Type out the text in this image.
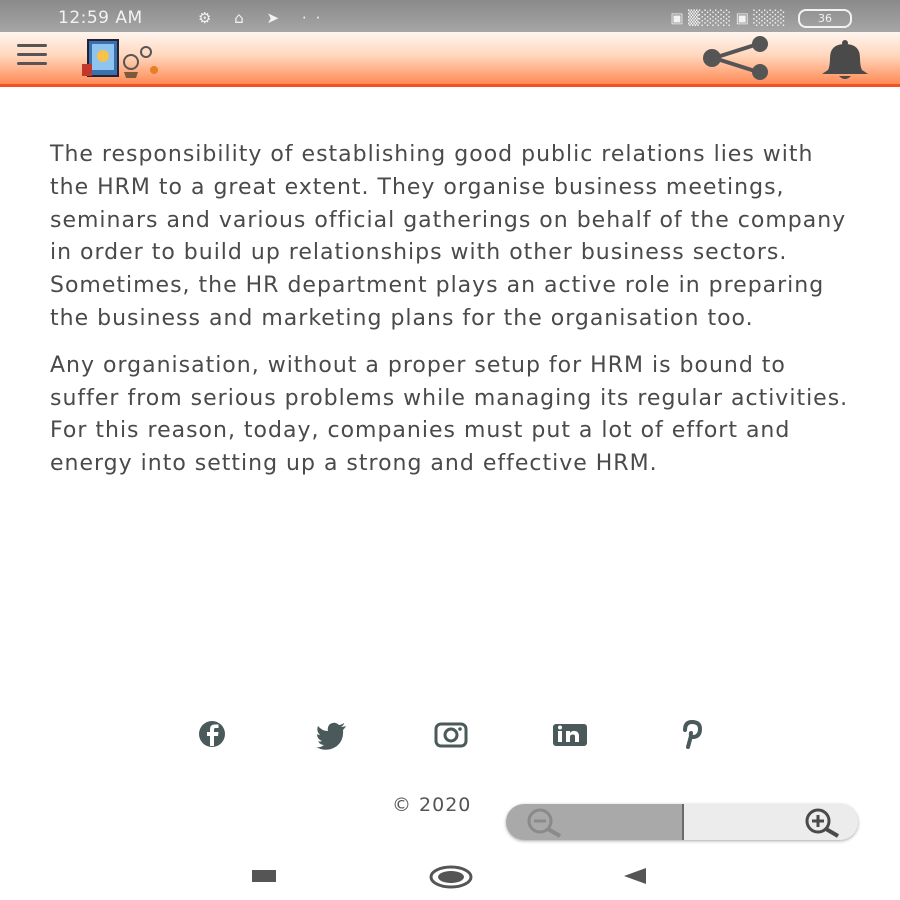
12:59 AM	⚙ ⌂ ➤ ··	▣ ▒░░░ ▣ ░░░	36

The responsibility of establishing good public relations lies with the HRM to a great extent. They organise business meetings, seminars and various official gatherings on behalf of the company in order to build up relationships with other business sectors. Sometimes, the HR department plays an active role in preparing the business and marketing plans for the organisation too.

Any organisation, without a proper setup for HRM is bound to suffer from serious problems while managing its regular activities. For this reason, today, companies must put a lot of effort and energy into setting up a strong and effective HRM.

© 2020
